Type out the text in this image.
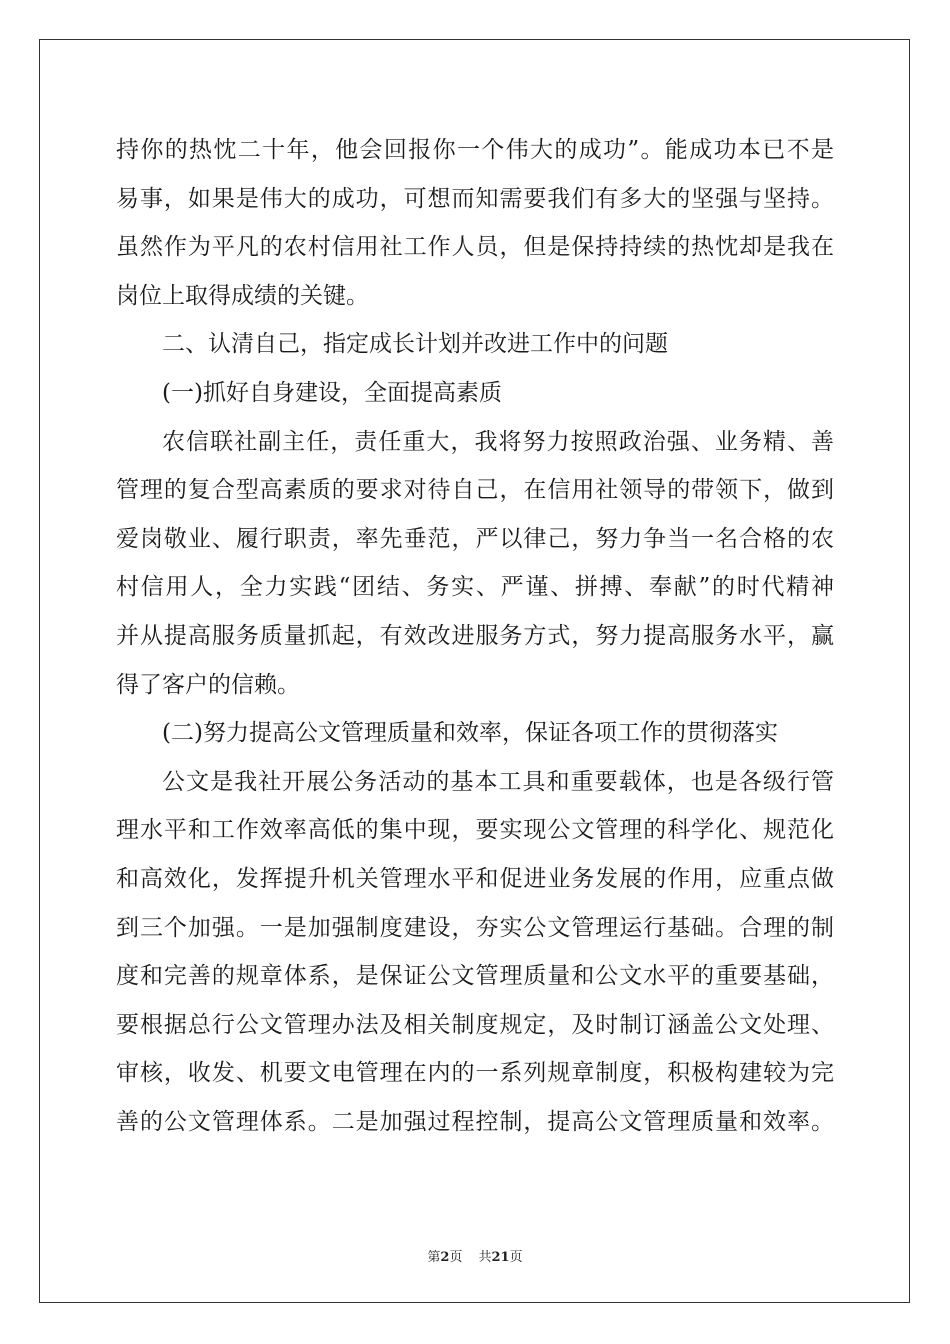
持你的热忱二十年，他会回报你一个伟大的成功”。能成功本已不是
易事，如果是伟大的成功，可想而知需要我们有多大的坚强与坚持。
虽然作为平凡的农村信用社工作人员，但是保持持续的热忱却是我在
岗位上取得成绩的关键。
二、认清自己，指定成长计划并改进工作中的问题
(一)抓好自身建设，全面提高素质
农信联社副主任，责任重大，我将努力按照政治强、业务精、善
管理的复合型高素质的要求对待自己，在信用社领导的带领下，做到
爱岗敬业、履行职责，率先垂范，严以律己，努力争当一名合格的农
村信用人，全力实践“团结、务实、严谨、拼搏、奉献”的时代精神
并从提高服务质量抓起，有效改进服务方式，努力提高服务水平，赢
得了客户的信赖。
(二)努力提高公文管理质量和效率，保证各项工作的贯彻落实
公文是我社开展公务活动的基本工具和重要载体，也是各级行管
理水平和工作效率高低的集中现，要实现公文管理的科学化、规范化
和高效化，发挥提升机关管理水平和促进业务发展的作用，应重点做
到三个加强。一是加强制度建设，夯实公文管理运行基础。合理的制
度和完善的规章体系，是保证公文管理质量和公文水平的重要基础，
要根据总行公文管理办法及相关制度规定，及时制订涵盖公文处理、
审核，收发、机要文电管理在内的一系列规章制度，积极构建较为完
善的公文管理体系。二是加强过程控制，提高公文管理质量和效率。
第2页 共21页
